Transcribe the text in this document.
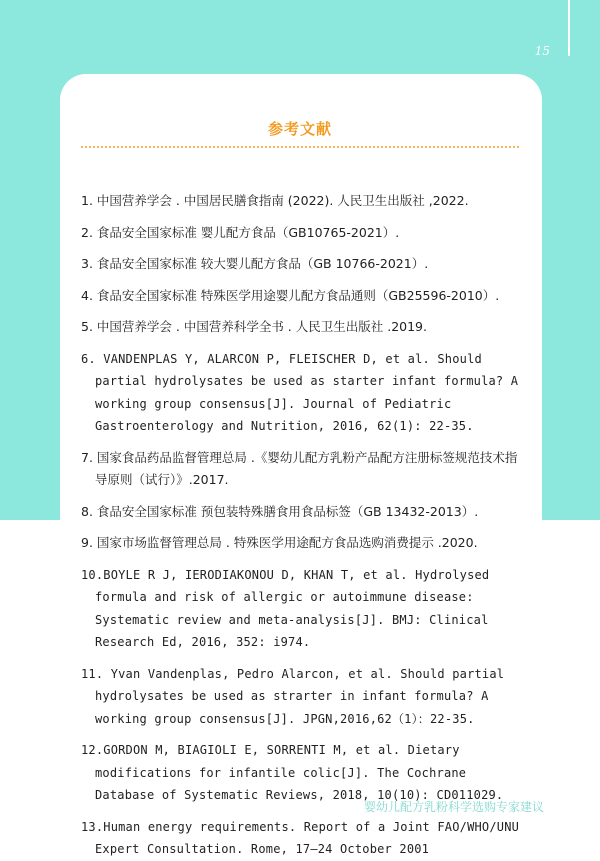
15
参考文献
1. 中国营养学会 . 中国居民膳食指南 (2022). 人民卫生出版社 ,2022.
2. 食品安全国家标准 婴儿配方食品（GB10765-2021）.
3. 食品安全国家标准 较大婴儿配方食品（GB 10766-2021）.
4. 食品安全国家标准 特殊医学用途婴儿配方食品通则（GB25596-2010）.
5. 中国营养学会 . 中国营养科学全书 . 人民卫生出版社 .2019.
6. VANDENPLAS Y, ALARCON P, FLEISCHER D, et al. Should partial hydrolysates be used as starter infant formula? A working group consensus[J]. Journal of Pediatric Gastroenterology and Nutrition, 2016, 62(1): 22-35.
7. 国家食品药品监督管理总局 .《婴幼儿配方乳粉产品配方注册标签规范技术指导原则（试行）》.2017.
8. 食品安全国家标准 预包装特殊膳食用食品标签（GB 13432-2013）.
9. 国家市场监督管理总局 . 特殊医学用途配方食品选购消费提示 .2020.
10.BOYLE R J, IERODIAKONOU D, KHAN T, et al. Hydrolysed formula and risk of allergic or autoimmune disease: Systematic review and meta-analysis[J]. BMJ: Clinical Research Ed, 2016, 352: i974.
11. Yvan Vandenplas, Pedro Alarcon, et al. Should partial hydrolysates be used as strarter in infant formula? A working group consensus[J]. JPGN,2016,62（1）：22-35.
12.GORDON M, BIAGIOLI E, SORRENTI M, et al. Dietary modifications for infantile colic[J]. The Cochrane Database of Systematic Reviews, 2018, 10(10): CD011029.
13.Human energy requirements. Report of a Joint FAO/WHO/UNU Expert Consultation. Rome, 17–24 October 2001
婴幼儿配方乳粉科学选购专家建议
